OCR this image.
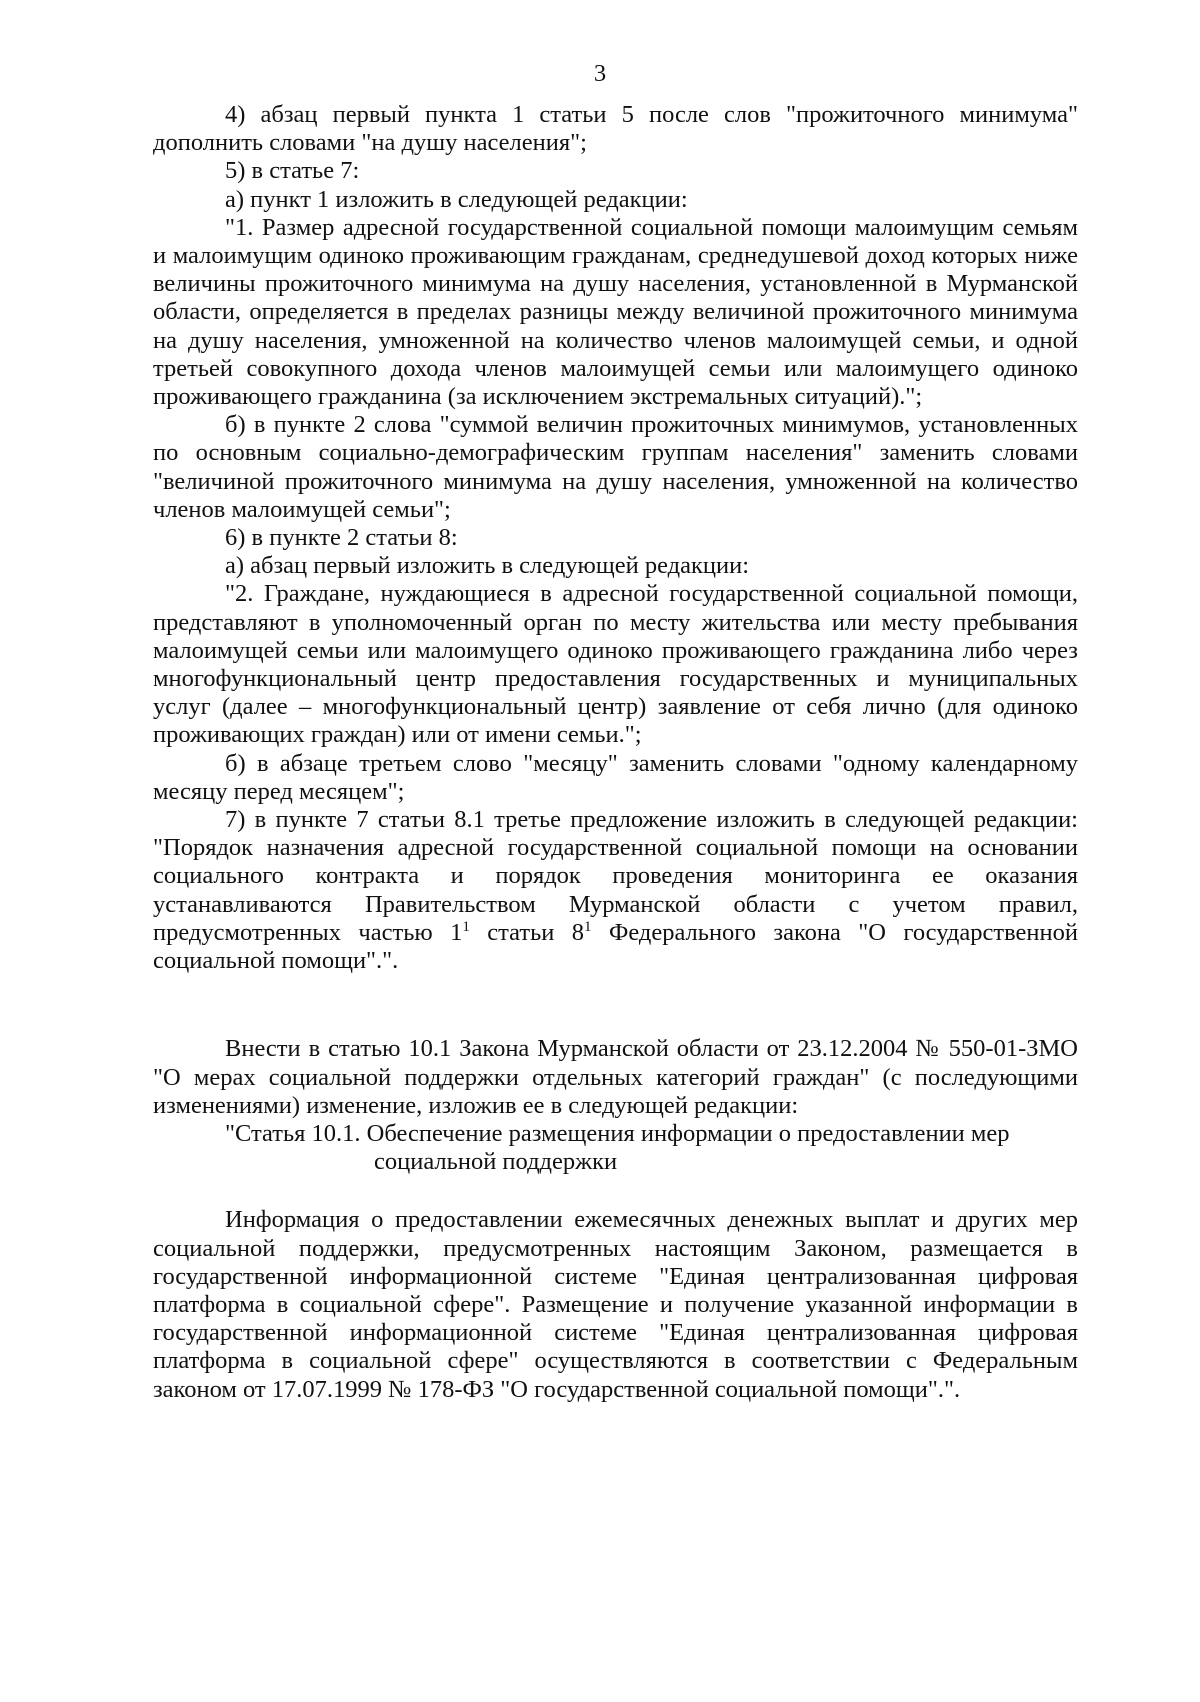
3

4) абзац первый пункта 1 статьи 5 после слов "прожиточного минимума" дополнить словами "на душу населения";

5) в статье 7:

а) пункт 1 изложить в следующей редакции:

"1. Размер адресной государственной социальной помощи малоимущим семьям и малоимущим одиноко проживающим гражданам, среднедушевой доход которых ниже величины прожиточного минимума на душу населения, установленной в Мурманской области, определяется в пределах разницы между величиной прожиточного минимума на душу населения, умноженной на количество членов малоимущей семьи, и одной третьей совокупного дохода членов малоимущей семьи или малоимущего одиноко проживающего гражданина (за исключением экстремальных ситуаций).";

б) в пункте 2 слова "суммой величин прожиточных минимумов, установленных по основным социально-демографическим группам населения" заменить словами "величиной прожиточного минимума на душу населения, умноженной на количество членов малоимущей семьи";

6) в пункте 2 статьи 8:

а) абзац первый изложить в следующей редакции:

"2. Граждане, нуждающиеся в адресной государственной социальной помощи, представляют в уполномоченный орган по месту жительства или месту пребывания малоимущей семьи или малоимущего одиноко проживающего гражданина либо через многофункциональный центр предоставления государственных и муниципальных услуг (далее – многофункциональный центр) заявление от себя лично (для одиноко проживающих граждан) или от имени семьи.";

б) в абзаце третьем слово "месяцу" заменить словами "одному календарному месяцу перед месяцем";

7) в пункте 7 статьи 8.1 третье предложение изложить в следующей редакции: "Порядок назначения адресной государственной социальной помощи на основании социального контракта и порядок проведения мониторинга ее оказания устанавливаются Правительством Мурманской области с учетом правил, предусмотренных частью $1^1$ статьи $8^1$ Федерального закона "О государственной социальной помощи".".

Внести в статью 10.1 Закона Мурманской области от 23.12.2004 № 550-01-ЗМО "О мерах социальной поддержки отдельных категорий граждан" (с последующими изменениями) изменение, изложив ее в следующей редакции:

"Статья 10.1. Обеспечение размещения информации о предоставлении мер
социальной поддержки

Информация о предоставлении ежемесячных денежных выплат и других мер социальной поддержки, предусмотренных настоящим Законом, размещается в государственной информационной системе "Единая централизованная цифровая платформа в социальной сфере". Размещение и получение указанной информации в государственной информационной системе "Единая централизованная цифровая платформа в социальной сфере" осуществляются в соответствии с Федеральным законом от 17.07.1999 № 178-ФЗ "О государственной социальной помощи".".
